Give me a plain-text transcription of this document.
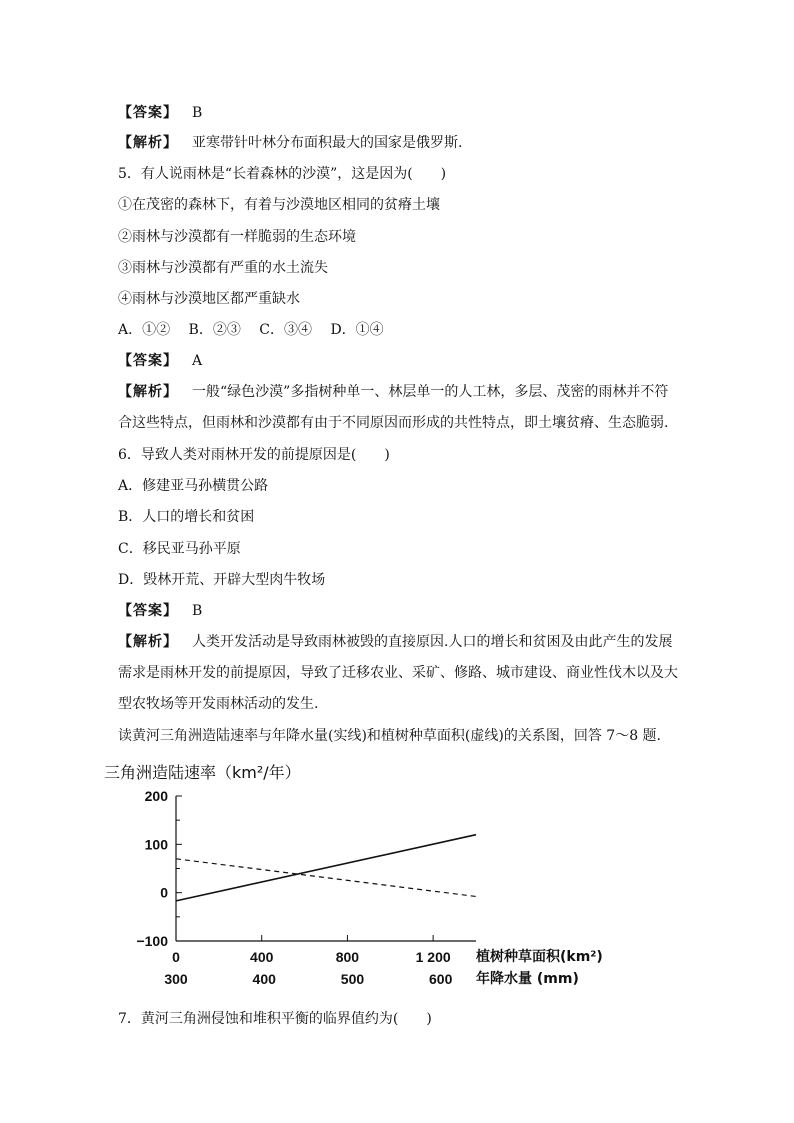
【答案】 B
【解析】 亚寒带针叶林分布面积最大的国家是俄罗斯.
5．有人说雨林是“长着森林的沙漠”，这是因为(　　)
①在茂密的森林下，有着与沙漠地区相同的贫瘠土壤
②雨林与沙漠都有一样脆弱的生态环境
③雨林与沙漠都有严重的水土流失
④雨林与沙漠地区都严重缺水
A．①②　 B．②③　 C．③④　 D．①④
【答案】 A
【解析】 一般“绿色沙漠”多指树种单一、林层单一的人工林，多层、茂密的雨林并不符
合这些特点，但雨林和沙漠都有由于不同原因而形成的共性特点，即土壤贫瘠、生态脆弱.
6．导致人类对雨林开发的前提原因是(　　)
A．修建亚马孙横贯公路
B．人口的增长和贫困
C．移民亚马孙平原
D．毁林开荒、开辟大型肉牛牧场
【答案】 B
【解析】 人类开发活动是导致雨林被毁的直接原因.人口的增长和贫困及由此产生的发展
需求是雨林开发的前提原因，导致了迁移农业、采矿、修路、城市建设、商业性伐木以及大
型农牧场等开发雨林活动的发生.
读黄河三角洲造陆速率与年降水量(实线)和植树种草面积(虚线)的关系图，回答 7～8 题.
三角洲造陆速率（km²/年）
200
100
0
−100
0	400	800	1 200
300	400	500	600
植树种草面积(km²)
年降水量 (mm)
7．黄河三角洲侵蚀和堆积平衡的临界值约为(　　)
